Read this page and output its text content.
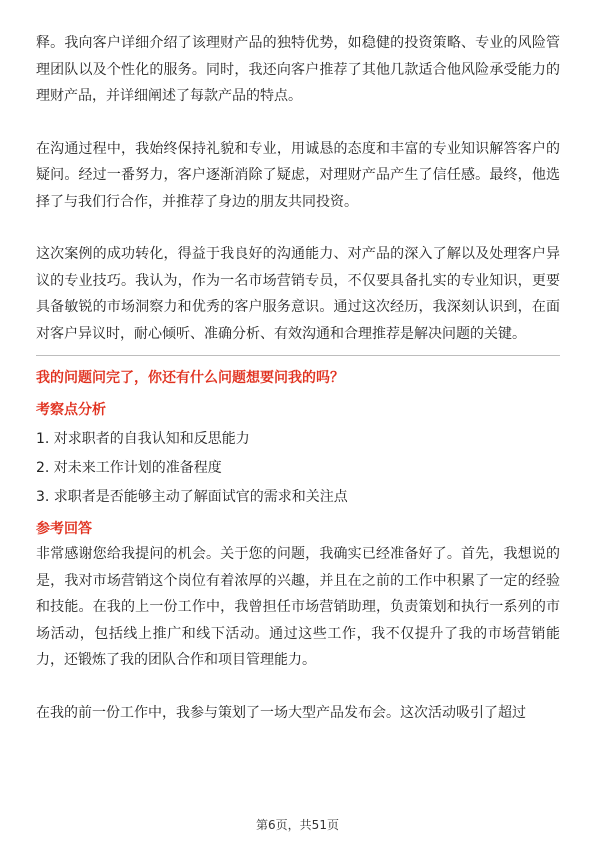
释。我向客户详细介绍了该理财产品的独特优势，如稳健的投资策略、专业的风险管理团队以及个性化的服务。同时，我还向客户推荐了其他几款适合他风险承受能力的理财产品，并详细阐述了每款产品的特点。

在沟通过程中，我始终保持礼貌和专业，用诚恳的态度和丰富的专业知识解答客户的疑问。经过一番努力，客户逐渐消除了疑虑，对理财产品产生了信任感。最终，他选择了与我们行合作，并推荐了身边的朋友共同投资。

这次案例的成功转化，得益于我良好的沟通能力、对产品的深入了解以及处理客户异议的专业技巧。我认为，作为一名市场营销专员，不仅要具备扎实的专业知识，更要具备敏锐的市场洞察力和优秀的客户服务意识。通过这次经历，我深刻认识到，在面对客户异议时，耐心倾听、准确分析、有效沟通和合理推荐是解决问题的关键。

我的问题问完了，你还有什么问题想要问我的吗？

考察点分析

1. 对求职者的自我认知和反思能力

2. 对未来工作计划的准备程度

3. 求职者是否能够主动了解面试官的需求和关注点

参考回答

非常感谢您给我提问的机会。关于您的问题，我确实已经准备好了。首先，我想说的是，我对市场营销这个岗位有着浓厚的兴趣，并且在之前的工作中积累了一定的经验和技能。在我的上一份工作中，我曾担任市场营销助理，负责策划和执行一系列的市场活动，包括线上推广和线下活动。通过这些工作，我不仅提升了我的市场营销能力，还锻炼了我的团队合作和项目管理能力。

在我的前一份工作中，我参与策划了一场大型产品发布会。这次活动吸引了超过

第6页，共51页
